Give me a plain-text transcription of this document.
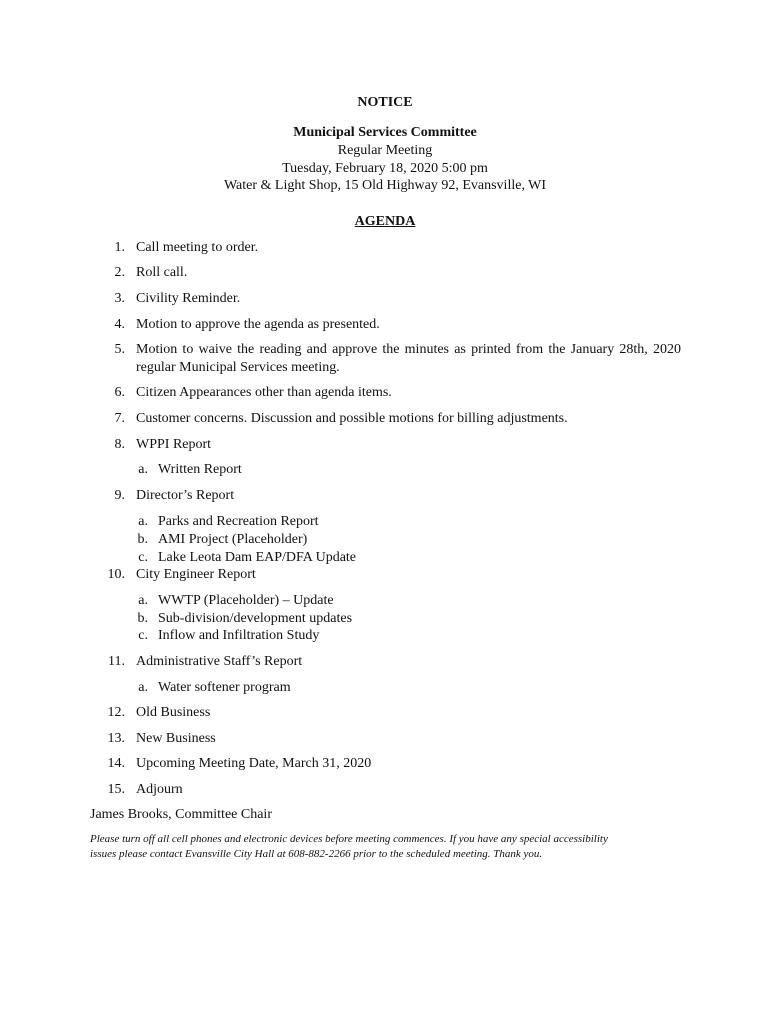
NOTICE
Municipal Services Committee
Regular Meeting
Tuesday, February 18, 2020 5:00 pm
Water & Light Shop, 15 Old Highway 92, Evansville, WI
AGENDA
1. Call meeting to order.
2. Roll call.
3. Civility Reminder.
4. Motion to approve the agenda as presented.
5. Motion to waive the reading and approve the minutes as printed from the January 28th, 2020 regular Municipal Services meeting.
6. Citizen Appearances other than agenda items.
7. Customer concerns. Discussion and possible motions for billing adjustments.
8. WPPI Report
a. Written Report
9. Director’s Report
a. Parks and Recreation Report
b. AMI Project (Placeholder)
c. Lake Leota Dam EAP/DFA Update
10. City Engineer Report
a. WWTP (Placeholder) – Update
b. Sub-division/development updates
c. Inflow and Infiltration Study
11. Administrative Staff’s Report
a. Water softener program
12. Old Business
13. New Business
14. Upcoming Meeting Date, March 31, 2020
15. Adjourn
James Brooks, Committee Chair
Please turn off all cell phones and electronic devices before meeting commences. If you have any special accessibility
issues please contact Evansville City Hall at 608-882-2266 prior to the scheduled meeting. Thank you.
